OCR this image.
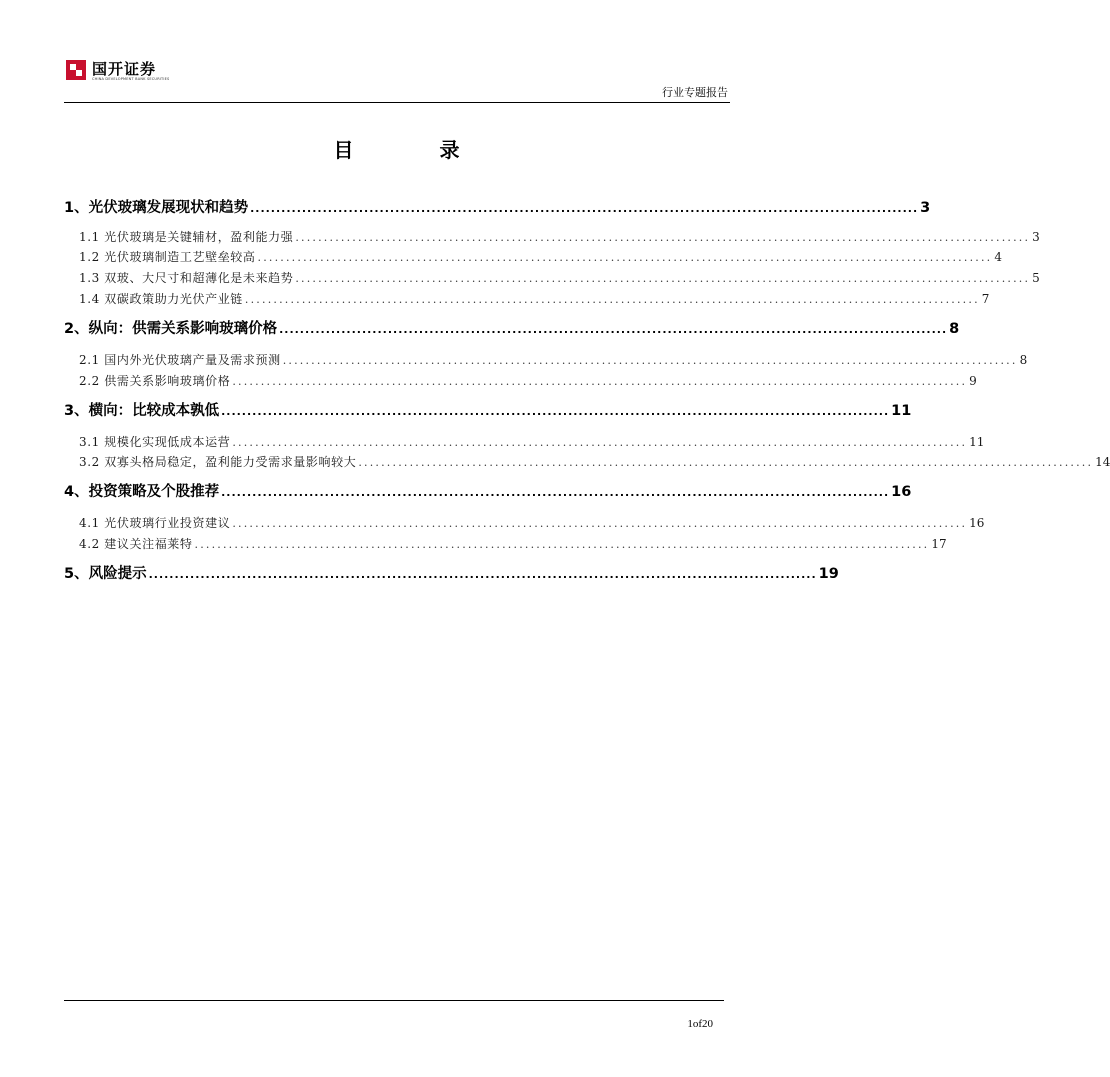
国开证券
CHINA DEVELOPMENT BANK SECURITIES
行业专题报告
目	录
1、光伏玻璃发展现状和趋势 ................................................................................................................................. 3
1.1 光伏玻璃是关键辅材，盈利能力强 ................................................................................................................................. 3
1.2 光伏玻璃制造工艺壁垒较高 ................................................................................................................................. 4
1.3 双玻、大尺寸和超薄化是未来趋势 ................................................................................................................................. 5
1.4 双碳政策助力光伏产业链 ................................................................................................................................. 7
2、纵向：供需关系影响玻璃价格 ................................................................................................................................. 8
2.1 国内外光伏玻璃产量及需求预测 ................................................................................................................................. 8
2.2 供需关系影响玻璃价格 ................................................................................................................................. 9
3、横向：比较成本孰低 ................................................................................................................................. 11
3.1 规模化实现低成本运营 ................................................................................................................................. 11
3.2 双寡头格局稳定，盈利能力受需求量影响较大 ................................................................................................................................. 14
4、投资策略及个股推荐 ................................................................................................................................. 16
4.1 光伏玻璃行业投资建议 ................................................................................................................................. 16
4.2 建议关注福莱特 ................................................................................................................................. 17
5、风险提示 ................................................................................................................................. 19
1of20
